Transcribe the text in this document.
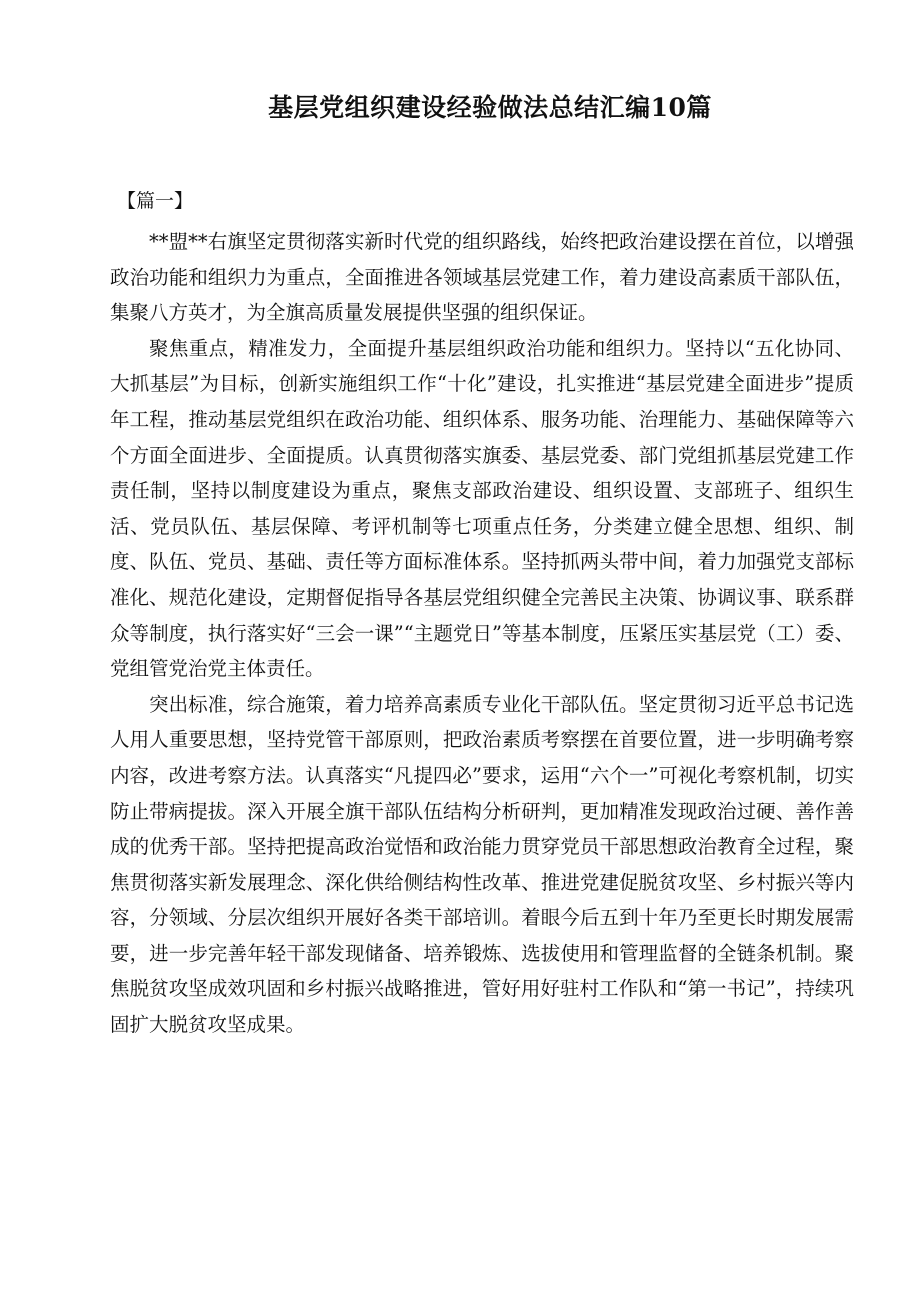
基层党组织建设经验做法总结汇编10篇
【篇一】

**盟**右旗坚定贯彻落实新时代党的组织路线，始终把政治建设摆在首位，以增强政治功能和组织力为重点，全面推进各领域基层党建工作，着力建设高素质干部队伍，集聚八方英才，为全旗高质量发展提供坚强的组织保证。

聚焦重点，精准发力，全面提升基层组织政治功能和组织力。坚持以“五化协同、大抓基层”为目标，创新实施组织工作“十化”建设，扎实推进“基层党建全面进步”提质年工程，推动基层党组织在政治功能、组织体系、服务功能、治理能力、基础保障等六个方面全面进步、全面提质。认真贯彻落实旗委、基层党委、部门党组抓基层党建工作责任制，坚持以制度建设为重点，聚焦支部政治建设、组织设置、支部班子、组织生活、党员队伍、基层保障、考评机制等七项重点任务，分类建立健全思想、组织、制度、队伍、党员、基础、责任等方面标准体系。坚持抓两头带中间，着力加强党支部标准化、规范化建设，定期督促指导各基层党组织健全完善民主决策、协调议事、联系群众等制度，执行落实好“三会一课”“主题党日”等基本制度，压紧压实基层党（工）委、党组管党治党主体责任。

突出标准，综合施策，着力培养高素质专业化干部队伍。坚定贯彻习近平总书记选人用人重要思想，坚持党管干部原则，把政治素质考察摆在首要位置，进一步明确考察内容，改进考察方法。认真落实“凡提四必”要求，运用“六个一”可视化考察机制，切实防止带病提拔。深入开展全旗干部队伍结构分析研判，更加精准发现政治过硬、善作善成的优秀干部。坚持把提高政治觉悟和政治能力贯穿党员干部思想政治教育全过程，聚焦贯彻落实新发展理念、深化供给侧结构性改革、推进党建促脱贫攻坚、乡村振兴等内容，分领域、分层次组织开展好各类干部培训。着眼今后五到十年乃至更长时期发展需要，进一步完善年轻干部发现储备、培养锻炼、选拔使用和管理监督的全链条机制。聚焦脱贫攻坚成效巩固和乡村振兴战略推进，管好用好驻村工作队和“第一书记”，持续巩固扩大脱贫攻坚成果。
